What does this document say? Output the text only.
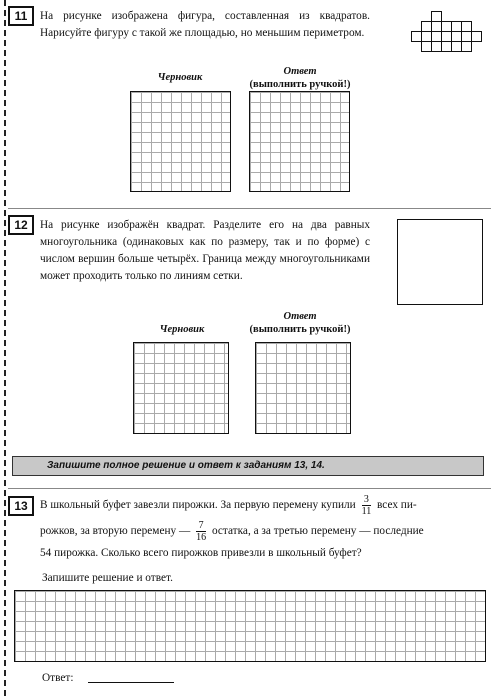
11	На рисунке изображена фигура, составленная из квадратов. Нарисуйте фигуру с такой же площадью, но меньшим периметром.
Черновик
Ответ
(выполнить ручкой!)
12	На рисунке изображён квадрат. Разделите его на два равных многоугольника (одинаковых как по размеру, так и по форме) с числом вершин больше четырёх. Граница между многоугольниками может проходить только по линиям сетки.
Черновик
Ответ
(выполнить ручкой!)
Запишите полное решение и ответ к заданиям 13, 14.
13	В школьный буфет завезли пирожки. За первую перемену купили $\frac{3}{11}$ всех пи-
рожков, за вторую перемену — $\frac{7}{16}$ остатка, а за третью перемену — последние
54 пирожка. Сколько всего пирожков привезли в школьный буфет?
Запишите решение и ответ.
Ответ:
